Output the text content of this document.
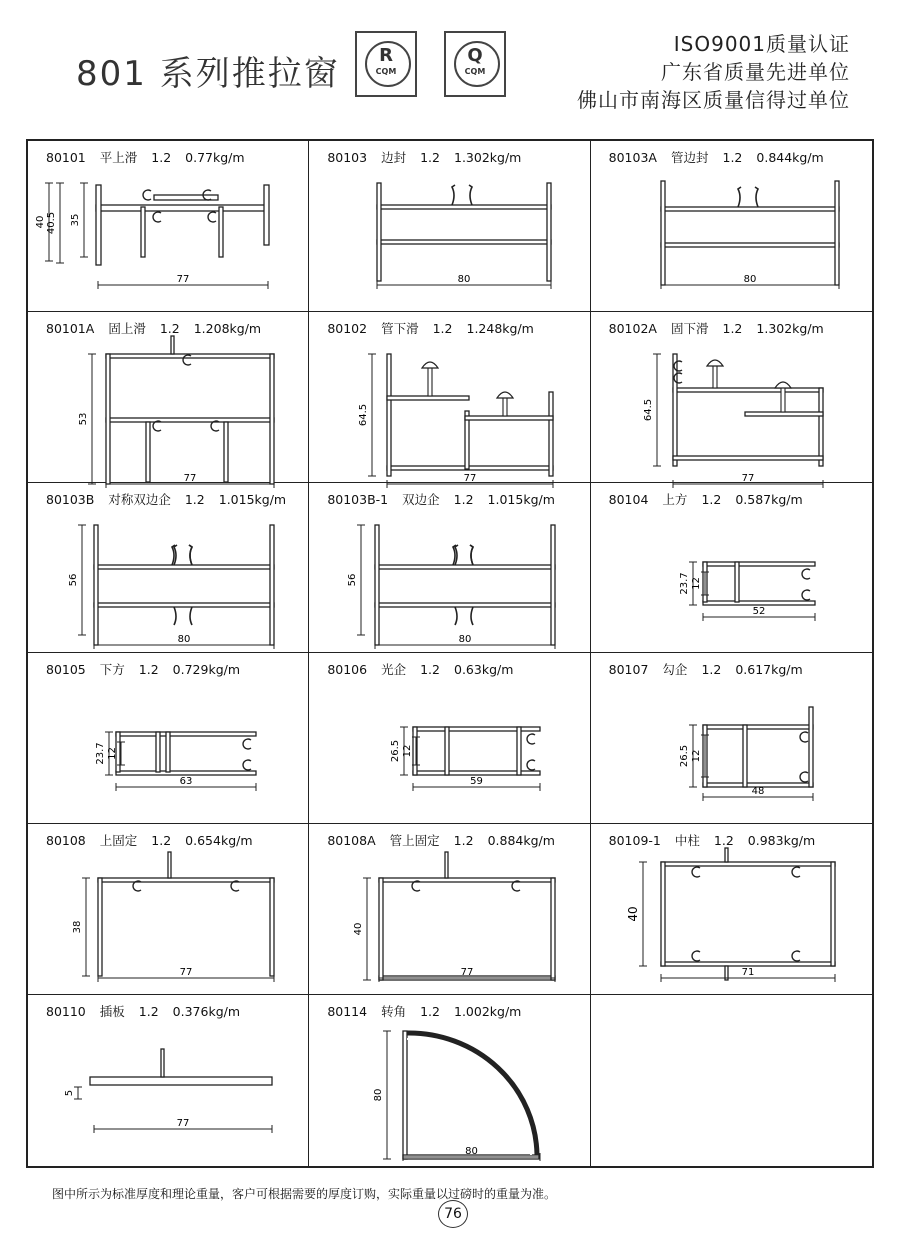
801 系列推拉窗	R
CQM
Q
CQM
ISO9001质量认证
广东省质量先进单位
佛山市南海区质量信得过单位
80101 平上滑 1.2 0.77kg/m
77
35
80103 边封 1.2 1.302kg/m
80
40
80103A 管边封 1.2 0.844kg/m
80
40.5
80101A 固上滑 1.2 1.208kg/m
77
53
80102 管下滑 1.2 1.248kg/m
77
64.5
80102A 固下滑 1.2 1.302kg/m
77
64.5
80103B 对称双边企 1.2 1.015kg/m
80
56
80103B-1 双边企 1.2 1.015kg/m
80
56
80104 上方 1.2 0.587kg/m
52
23.7 12
80105 下方 1.2 0.729kg/m
63
23.7 12
80106 光企 1.2 0.63kg/m
59
26.5 12
80107 勾企 1.2 0.617kg/m
48
26.5 12
80108 上固定 1.2 0.654kg/m
77
38
80108A 管上固定 1.2 0.884kg/m
77
40
80109-1 中柱 1.2 0.983kg/m
71
40
80110 插板 1.2 0.376kg/m
77
5
80114 转角 1.2 1.002kg/m
80
80
图中所示为标准厚度和理论重量，客户可根据需要的厚度订购，实际重量以过磅时的重量为准。
76
